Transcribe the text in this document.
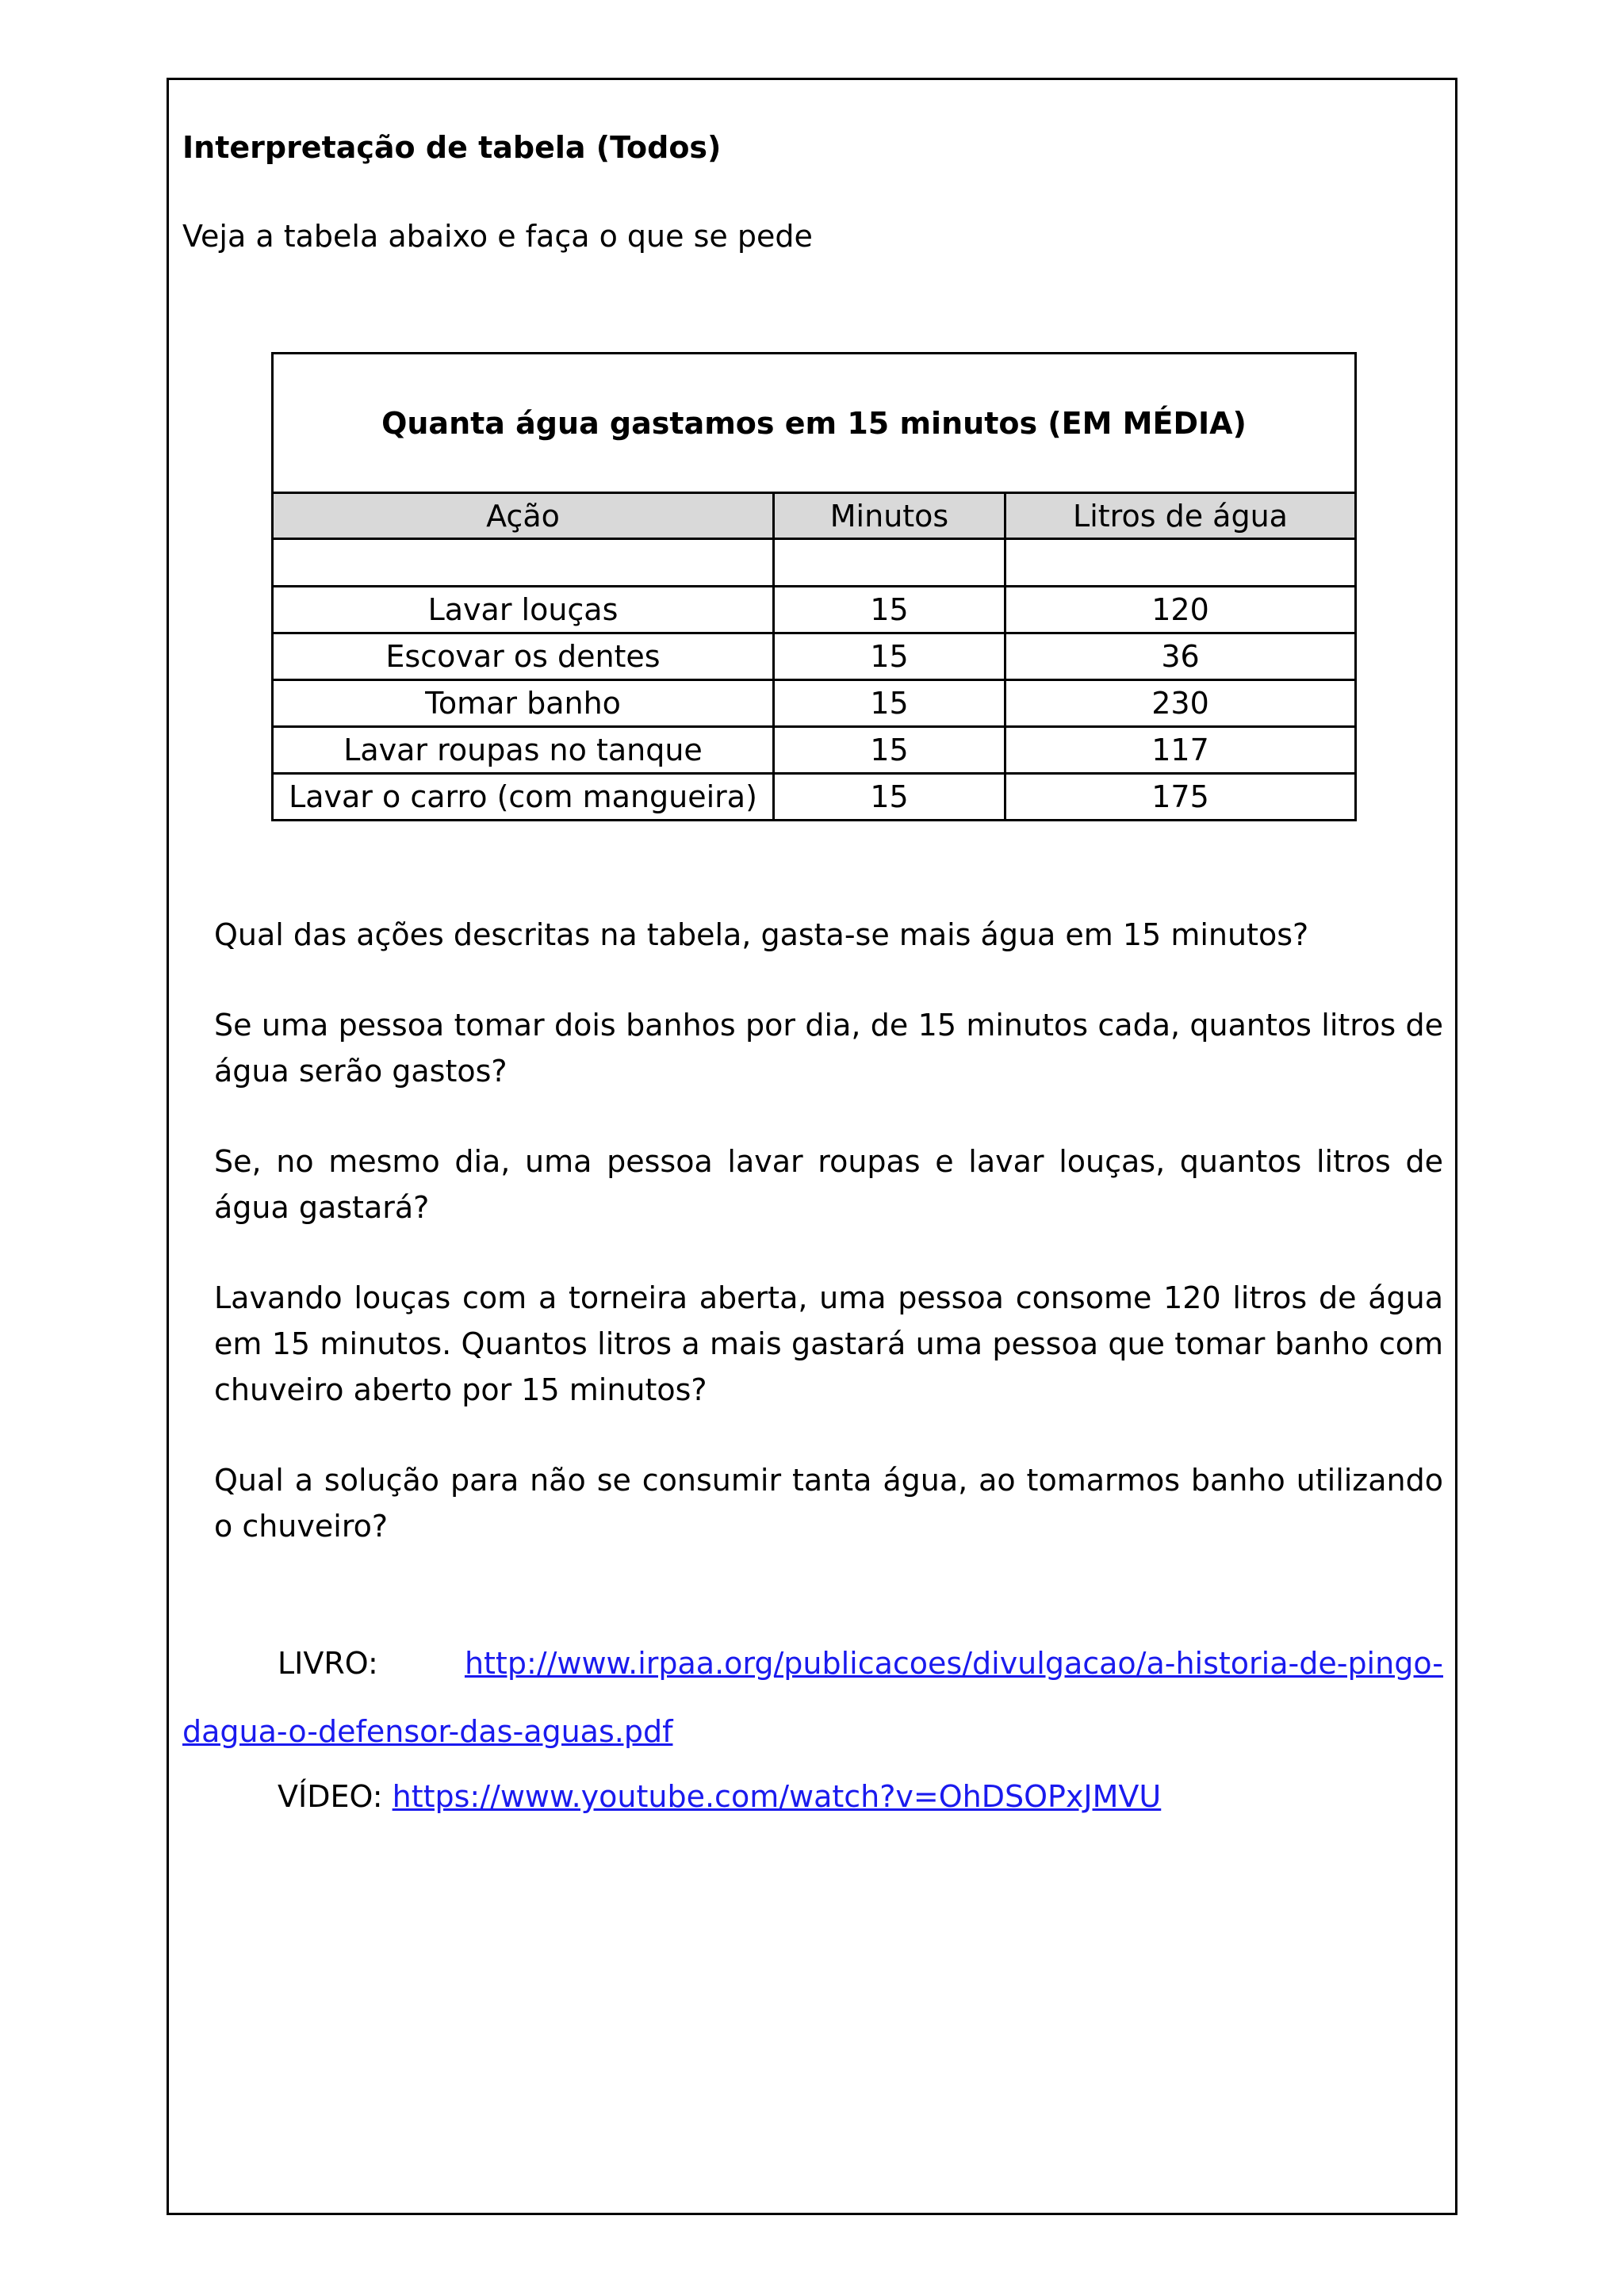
Interpretação de tabela (Todos)
Veja a tabela abaixo e faça o que se pede
Quanta água gastamos em 15 minutos (EM MÉDIA)		
Ação	Minutos	Litros de água

Lavar louças	15	120
Escovar os dentes	15	36
Tomar banho	15	230
Lavar roupas no tanque	15	117
Lavar o carro (com mangueira)	15	175

Qual das ações descritas na tabela, gasta-se mais água em 15 minutos?

Se uma pessoa tomar dois banhos por dia, de 15 minutos cada, quantos litros de água serão gastos?

Se, no mesmo dia, uma pessoa lavar roupas e lavar louças, quantos litros de água gastará?

Lavando louças com a torneira aberta, uma pessoa consome 120 litros de água em 15 minutos. Quantos litros a mais gastará uma pessoa que tomar banho com chuveiro aberto por 15 minutos?

Qual a solução para não se consumir tanta água, ao tomarmos banho utilizando o chuveiro?

LIVRO:	http://www.irpaa.org/publicacoes/divulgacao/a-historia-de-pingo-
dagua-o-defensor-das-aguas.pdf
VÍDEO: https://www.youtube.com/watch?v=OhDSOPxJMVU
